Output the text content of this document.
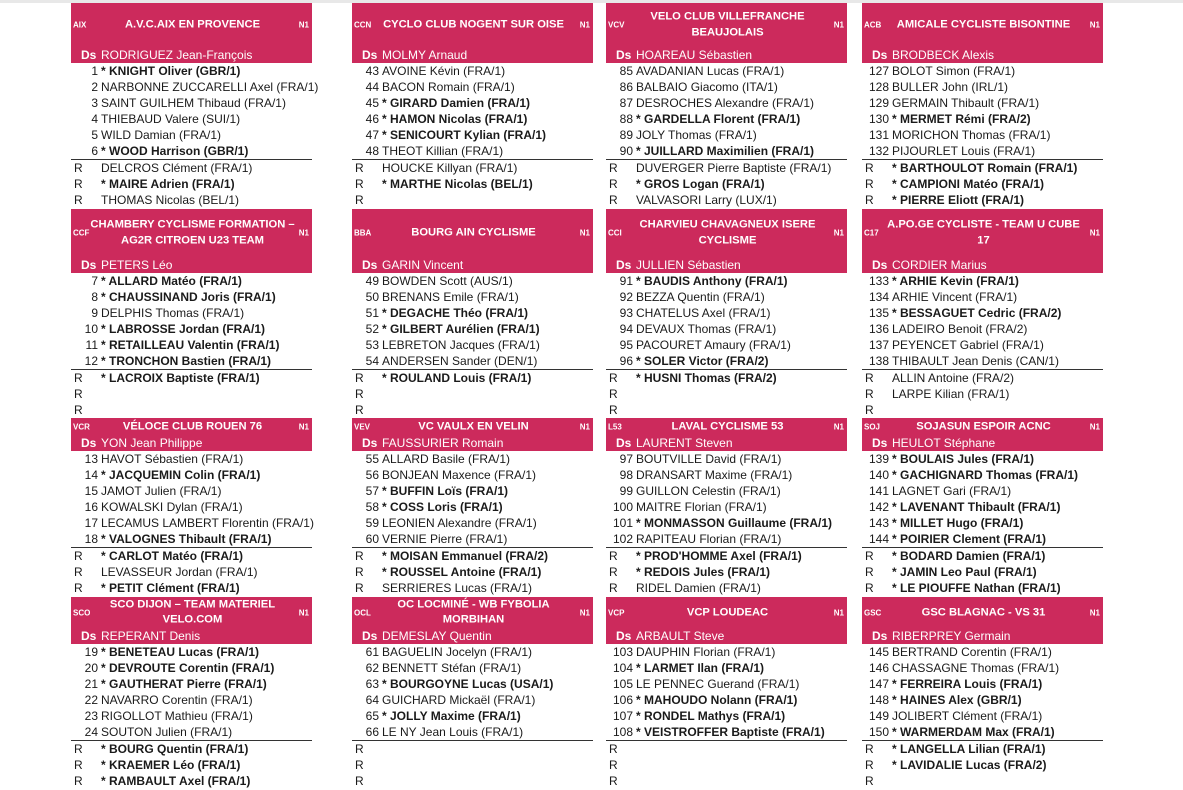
AIX	A.V.C.AIX EN PROVENCE	N1
Ds RODRIGUEZ Jean-François
1 * KNIGHT Oliver (GBR/1)
2 NARBONNE ZUCCARELLI Axel (FRA/1)
3 SAINT GUILHEM Thibaud (FRA/1)
4 THIEBAUD Valere (SUI/1)
5 WILD Damian (FRA/1)
6 * WOOD Harrison (GBR/1)
R DELCROS Clément (FRA/1)
R * MAIRE Adrien (FRA/1)
R THOMAS Nicolas (BEL/1)
CCN	CYCLO CLUB NOGENT SUR OISE	N1
Ds MOLMY Arnaud
43 AVOINE Kévin (FRA/1)
44 BACON Romain (FRA/1)
45 * GIRARD Damien (FRA/1)
46 * HAMON Nicolas (FRA/1)
47 * SENICOURT Kylian (FRA/1)
48 THEOT Killian (FRA/1)
R HOUCKE Killyan (FRA/1)
R * MARTHE Nicolas (BEL/1)
R
VCV
VELO CLUB VILLEFRANCHE BEAUJOLAIS
N1
Ds HOAREAU Sébastien
85 AVADANIAN Lucas (FRA/1)
86 BALBAIO Giacomo (ITA/1)
87 DESROCHES Alexandre (FRA/1)
88 * GARDELLA Florent (FRA/1)
89 JOLY Thomas (FRA/1)
90 * JUILLARD Maximilien (FRA/1)
R DUVERGER Pierre Baptiste (FRA/1)
R * GROS Logan (FRA/1)
R VALVASORI Larry (LUX/1)
ACB	AMICALE CYCLISTE BISONTINE	N1
Ds BRODBECK Alexis
127 BOLOT Simon (FRA/1)
128 BULLER John (IRL/1)
129 GERMAIN Thibault (FRA/1)
130 * MERMET Rémi (FRA/2)
131 MORICHON Thomas (FRA/1)
132 PIJOURLET Louis (FRA/1)
R * BARTHOULOT Romain (FRA/1)
R * CAMPIONI Matéo (FRA/1)
R * PIERRE Eliott (FRA/1)
CCF
CHAMBERY CYCLISME FORMATION – AG2R CITROEN U23 TEAM
N1
Ds PETERS Léo
7 * ALLARD Matéo (FRA/1)
8 * CHAUSSINAND Joris (FRA/1)
9 DELPHIS Thomas (FRA/1)
10 * LABROSSE Jordan (FRA/1)
11 * RETAILLEAU Valentin (FRA/1)
12 * TRONCHON Bastien (FRA/1)
R * LACROIX Baptiste (FRA/1)
R
R
BBA	BOURG AIN CYCLISME	N1
Ds GARIN Vincent
49 BOWDEN Scott (AUS/1)
50 BRENANS Emile (FRA/1)
51 * DEGACHE Théo (FRA/1)
52 * GILBERT Aurélien (FRA/1)
53 LEBRETON Jacques (FRA/1)
54 ANDERSEN Sander (DEN/1)
R * ROULAND Louis (FRA/1)
R
R
CCI
CHARVIEU CHAVAGNEUX ISERE CYCLISME
N1
Ds JULLIEN Sébastien
91 * BAUDIS Anthony (FRA/1)
92 BEZZA Quentin (FRA/1)
93 CHATELUS Axel (FRA/1)
94 DEVAUX Thomas (FRA/1)
95 PACOURET Amaury (FRA/1)
96 * SOLER Victor (FRA/2)
R * HUSNI Thomas (FRA/2)
R
R
C17
A.PO.GE CYCLISTE - TEAM U CUBE 17
N1
Ds CORDIER Marius
133 * ARHIE Kevin (FRA/1)
134 ARHIE Vincent (FRA/1)
135 * BESSAGUET Cedric (FRA/2)
136 LADEIRO Benoit (FRA/2)
137 PEYENCET Gabriel (FRA/1)
138 THIBAULT Jean Denis (CAN/1)
R ALLIN Antoine (FRA/2)
R LARPE Kilian (FRA/1)
R
VCR	VÉLOCE CLUB ROUEN 76	N1
Ds YON Jean Philippe
13 HAVOT Sébastien (FRA/1)
14 * JACQUEMIN Colin (FRA/1)
15 JAMOT Julien (FRA/1)
16 KOWALSKI Dylan (FRA/1)
17 LECAMUS LAMBERT Florentin (FRA/1)
18 * VALOGNES Thibault (FRA/1)
R * CARLOT Matéo (FRA/1)
R LEVASSEUR Jordan (FRA/1)
R * PETIT Clément (FRA/1)
VEV	VC VAULX EN VELIN	N1
Ds FAUSSURIER Romain
55 ALLARD Basile (FRA/1)
56 BONJEAN Maxence (FRA/1)
57 * BUFFIN Loïs (FRA/1)
58 * COSS Loris (FRA/1)
59 LEONIEN Alexandre (FRA/1)
60 VERNIE Pierre (FRA/1)
R * MOISAN Emmanuel (FRA/2)
R * ROUSSEL Antoine (FRA/1)
R SERRIERES Lucas (FRA/1)
L53	LAVAL CYCLISME 53	N1
Ds LAURENT Steven
97 BOUTVILLE David (FRA/1)
98 DRANSART Maxime (FRA/1)
99 GUILLON Celestin (FRA/1)
100 MAITRE Florian (FRA/1)
101 * MONMASSON Guillaume (FRA/1)
102 RAPITEAU Florian (FRA/1)
R * PROD'HOMME Axel (FRA/1)
R * REDOIS Jules (FRA/1)
R RIDEL Damien (FRA/1)
SOJ	SOJASUN ESPOIR ACNC	N1
Ds HEULOT Stéphane
139 * BOULAIS Jules (FRA/1)
140 * GACHIGNARD Thomas (FRA/1)
141 LAGNET Gari (FRA/1)
142 * LAVENANT Thibault (FRA/1)
143 * MILLET Hugo (FRA/1)
144 * POIRIER Clement (FRA/1)
R * BODARD Damien (FRA/1)
R * JAMIN Leo Paul (FRA/1)
R * LE PIOUFFE Nathan (FRA/1)
SCO
SCO DIJON – TEAM MATERIEL VELO.COM
N1
Ds REPERANT Denis
19 * BENETEAU Lucas (FRA/1)
20 * DEVROUTE Corentin (FRA/1)
21 * GAUTHERAT Pierre (FRA/1)
22 NAVARRO Corentin (FRA/1)
23 RIGOLLOT Mathieu (FRA/1)
24 SOUTON Julien (FRA/1)
R * BOURG Quentin (FRA/1)
R * KRAEMER Léo (FRA/1)
R * RAMBAULT Axel (FRA/1)
OCL
OC LOCMINÉ - WB FYBOLIA MORBIHAN
N1
Ds DEMESLAY Quentin
61 BAGUELIN Jocelyn (FRA/1)
62 BENNETT Stéfan (FRA/1)
63 * BOURGOYNE Lucas (USA/1)
64 GUICHARD Mickaël (FRA/1)
65 * JOLLY Maxime (FRA/1)
66 LE NY Jean Louis (FRA/1)
R
R
R
VCP	VCP LOUDEAC	N1
Ds ARBAULT Steve
103 DAUPHIN Florian (FRA/1)
104 * LARMET Ilan (FRA/1)
105 LE PENNEC Guerand (FRA/1)
106 * MAHOUDO Nolann (FRA/1)
107 * RONDEL Mathys (FRA/1)
108 * VEISTROFFER Baptiste (FRA/1)
R
R
R
GSC	GSC BLAGNAC - VS 31	N1
Ds RIBERPREY Germain
145 BERTRAND Corentin (FRA/1)
146 CHASSAGNE Thomas (FRA/1)
147 * FERREIRA Louis (FRA/1)
148 * HAINES Alex (GBR/1)
149 JOLIBERT Clément (FRA/1)
150 * WARMERDAM Max (FRA/1)
R * LANGELLA Lilian (FRA/1)
R * LAVIDALIE Lucas (FRA/2)
R
